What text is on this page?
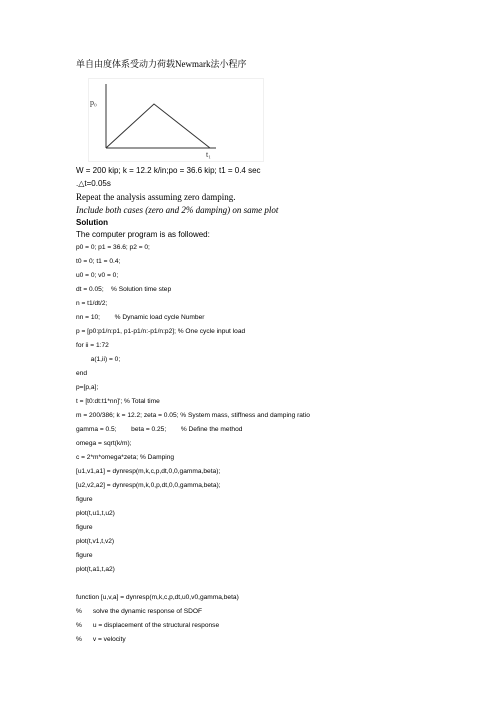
单自由度体系受动力荷载Newmark法小程序
p₀
t₁
W = 200 kip; k = 12.2 k/in;po = 36.6 kip; t1 = 0.4 sec
.△t=0.05s
Repeat the analysis assuming zero damping.
Include both cases (zero and 2% damping) on same plot
Solution
The computer program is as followed:
p0 = 0; p1 = 36.6; p2 = 0;
t0 = 0; t1 = 0.4;
u0 = 0; v0 = 0;
dt = 0.05;    % Solution time step
n = t1/dt/2;
nn = 10;        % Dynamic load cycle Number
p = [p0:p1/n:p1, p1-p1/n:-p1/n:p2]; % One cycle input load
for ii = 1:72
a(1,ii) = 0;
end
p=[p,a];
t = [t0:dt:t1*nn]'; % Total time
m = 200/386; k = 12.2; zeta = 0.05; % System mass, stiffness and damping ratio
gamma = 0.5;        beta = 0.25;        % Define the method
omega = sqrt(k/m);
c = 2*m*omega*zeta; % Damping
[u1,v1,a1] = dynresp(m,k,c,p,dt,0,0,gamma,beta);
[u2,v2,a2] = dynresp(m,k,0,p,dt,0,0,gamma,beta);
figure
plot(t,u1,t,u2)
figure
plot(t,v1,t,v2)
figure
plot(t,a1,t,a2)
function [u,v,a] = dynresp(m,k,c,p,dt,u0,v0,gamma,beta)
%      solve the dynamic response of SDOF
%      u = displacement of the structural response
%      v = velocity
